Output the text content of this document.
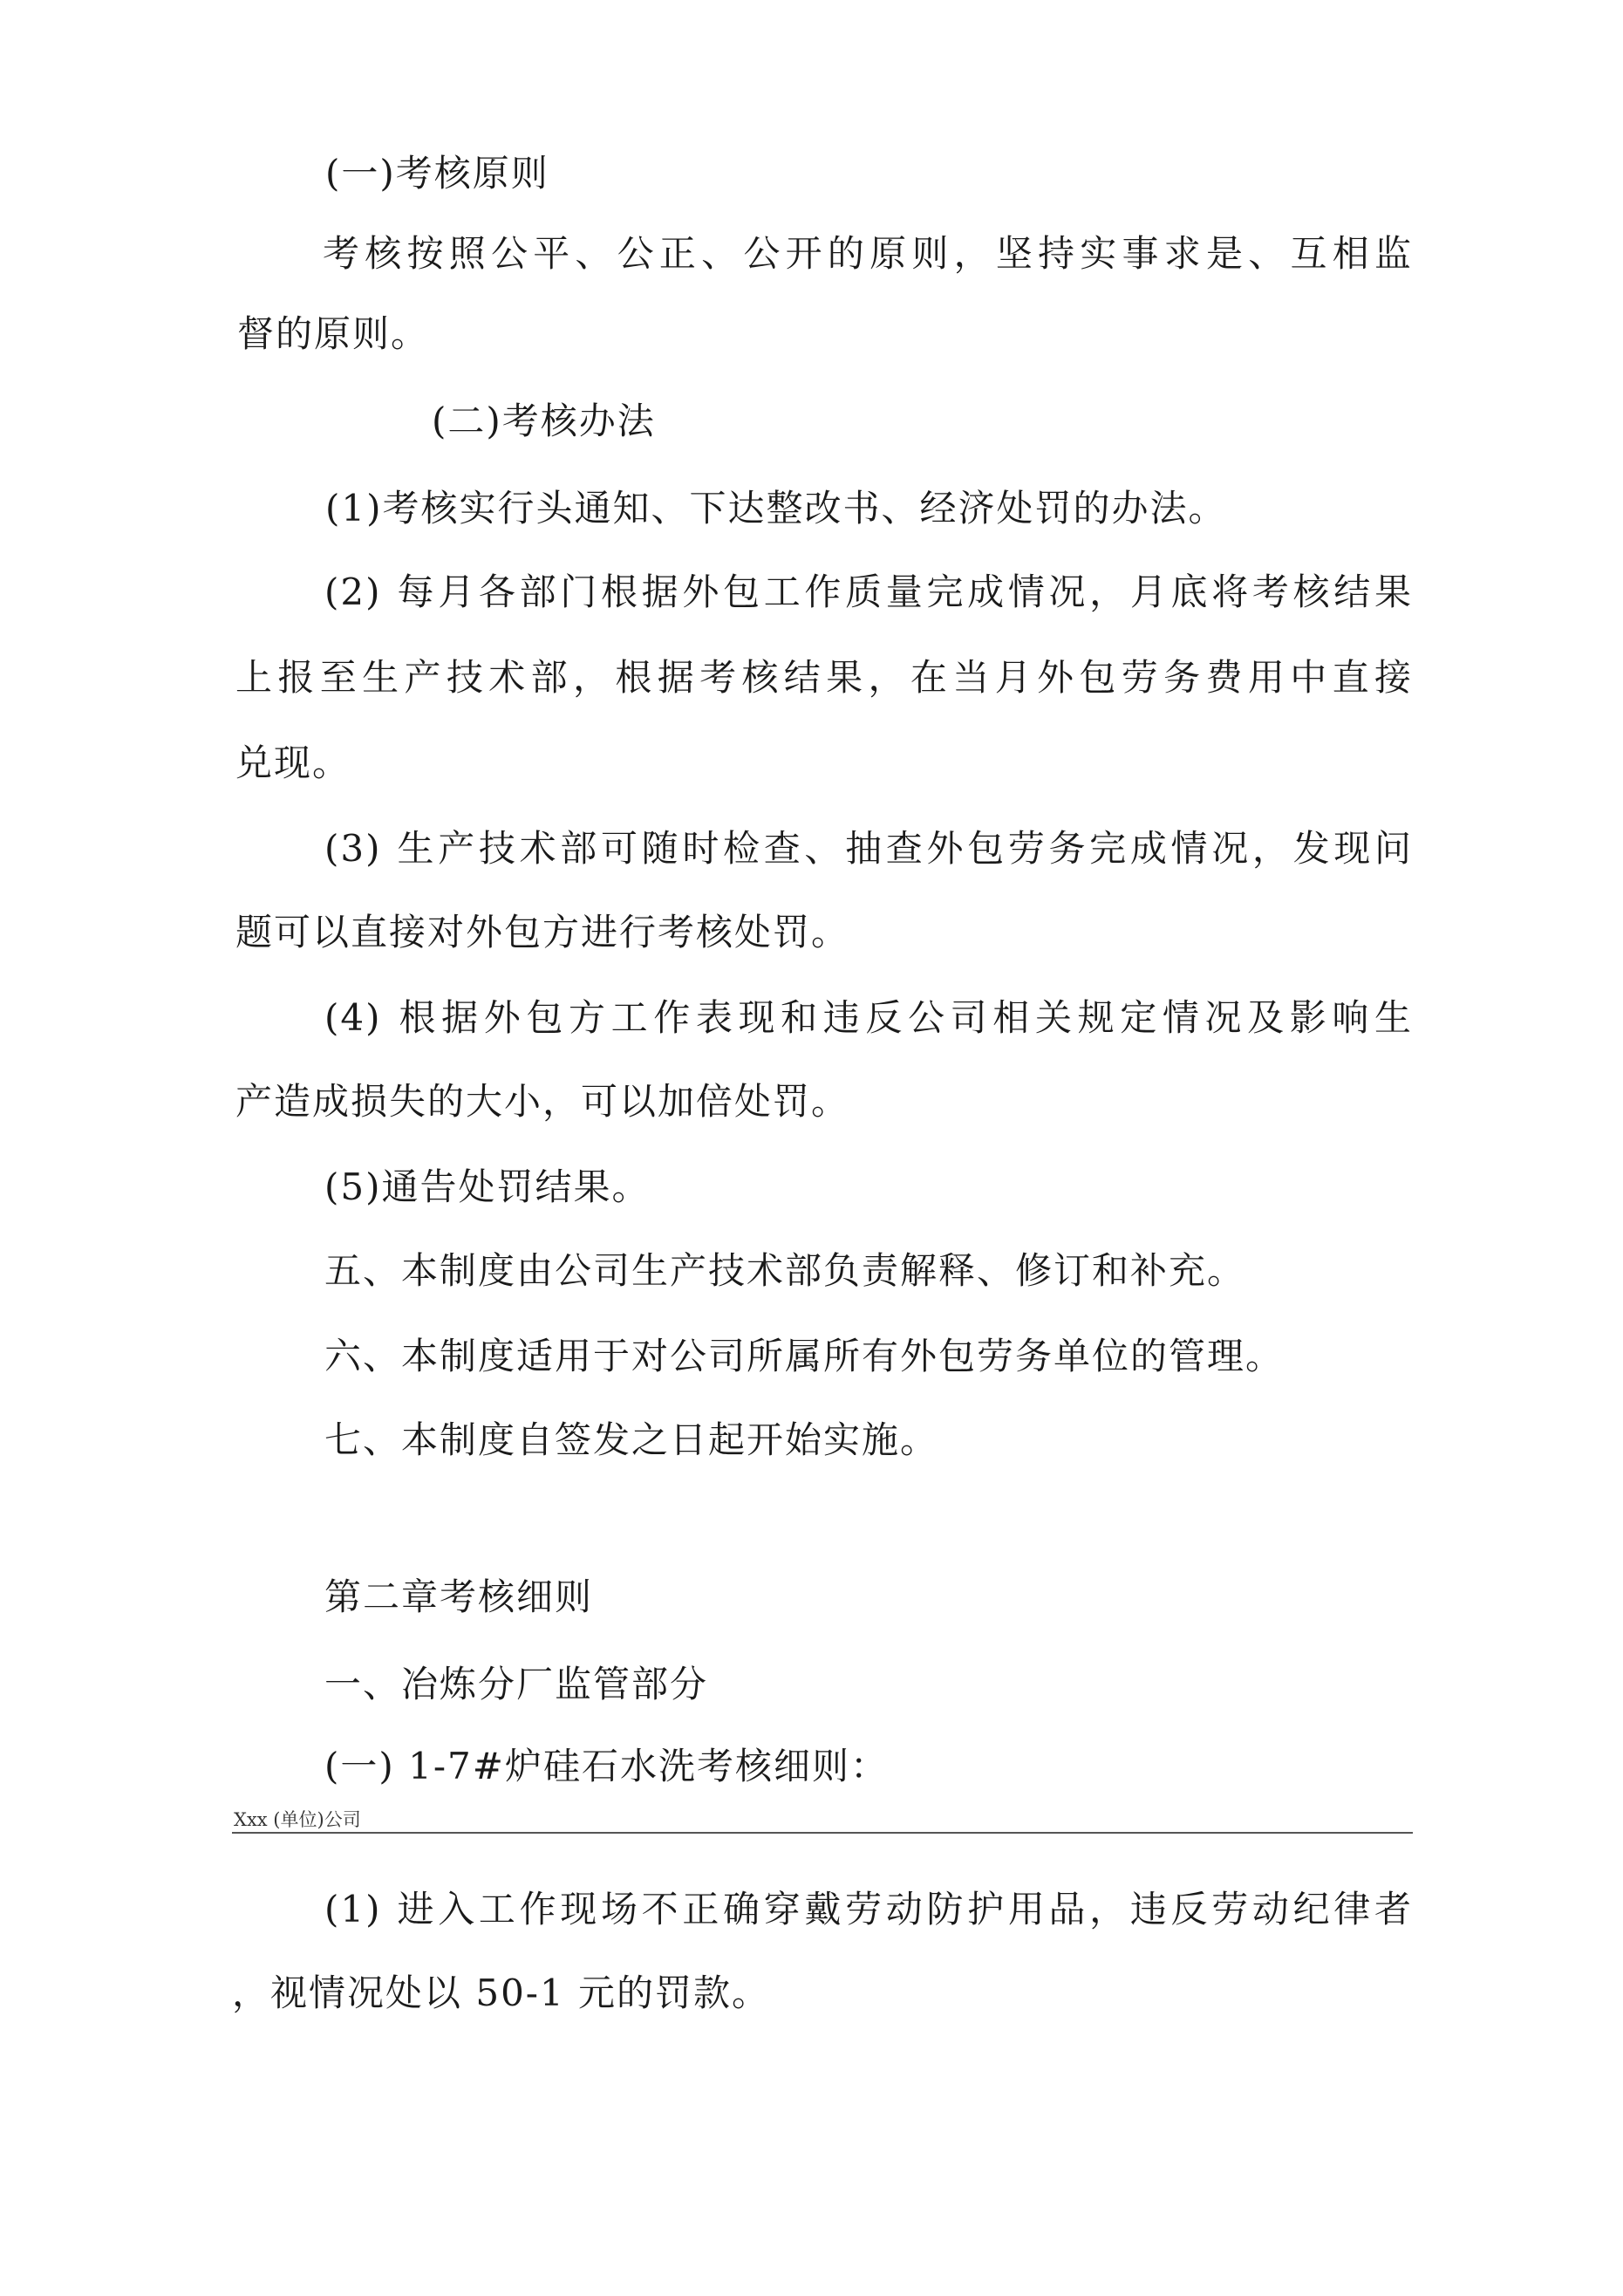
(一)考核原则
考核按照公平、公正、公开的原则，坚持实事求是、互相监
督的原则。
(二)考核办法
(1)考核实行头通知、下达整改书、经济处罚的办法。
(2) 每月各部门根据外包工作质量完成情况，月底将考核结果
上报至生产技术部，根据考核结果，在当月外包劳务费用中直接
兑现。
(3) 生产技术部可随时检查、抽查外包劳务完成情况，发现问
题可以直接对外包方进行考核处罚。
(4) 根据外包方工作表现和违反公司相关规定情况及影响生
产造成损失的大小，可以加倍处罚。
(5)通告处罚结果。
五、本制度由公司生产技术部负责解释、修订和补充。
六、本制度适用于对公司所属所有外包劳务单位的管理。
七、本制度自签发之日起开始实施。
第二章考核细则
一、冶炼分厂监管部分
(一) 1-7#炉硅石水洗考核细则：
Xxx (单位)公司
(1) 进入工作现场不正确穿戴劳动防护用品，违反劳动纪律者
，视情况处以 50-1 元的罚款。
